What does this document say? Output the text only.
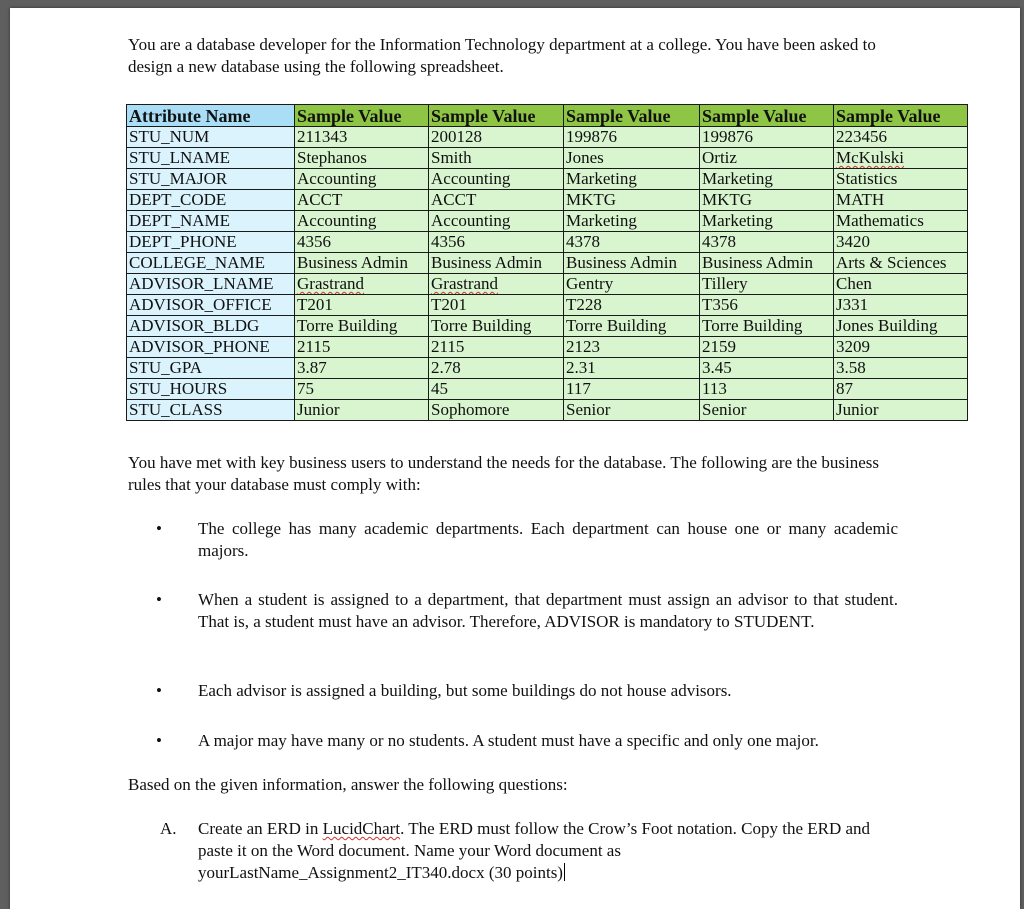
You are a database developer for the Information Technology department at a college. You have been asked to design a new database using the following spreadsheet.

Attribute Name	Sample Value	Sample Value	Sample Value	Sample Value	Sample Value
STU_NUM	211343	200128	199876	199876	223456
STU_LNAME	Stephanos	Smith	Jones	Ortiz	McKulski
STU_MAJOR	Accounting	Accounting	Marketing	Marketing	Statistics
DEPT_CODE	ACCT	ACCT	MKTG	MKTG	MATH
DEPT_NAME	Accounting	Accounting	Marketing	Marketing	Mathematics
DEPT_PHONE	4356	4356	4378	4378	3420
COLLEGE_NAME	Business Admin	Business Admin	Business Admin	Business Admin	Arts & Sciences
ADVISOR_LNAME	Grastrand	Grastrand	Gentry	Tillery	Chen
ADVISOR_OFFICE	T201	T201	T228	T356	J331
ADVISOR_BLDG	Torre Building	Torre Building	Torre Building	Torre Building	Jones Building
ADVISOR_PHONE	2115	2115	2123	2159	3209
STU_GPA	3.87	2.78	2.31	3.45	3.58
STU_HOURS	75	45	117	113	87
STU_CLASS	Junior	Sophomore	Senior	Senior	Junior

You have met with key business users to understand the needs for the database. The following are the business rules that your database must comply with:

• The college has many academic departments. Each department can house one or many academic majors.
• When a student is assigned to a department, that department must assign an advisor to that student. That is, a student must have an advisor. Therefore, ADVISOR is mandatory to STUDENT.
• Each advisor is assigned a building, but some buildings do not house advisors.
• A major may have many or no students. A student must have a specific and only one major.

Based on the given information, answer the following questions:

A. Create an ERD in LucidChart. The ERD must follow the Crow’s Foot notation. Copy the ERD and paste it on the Word document. Name your Word document as yourLastName_Assignment2_IT340.docx (30 points)
